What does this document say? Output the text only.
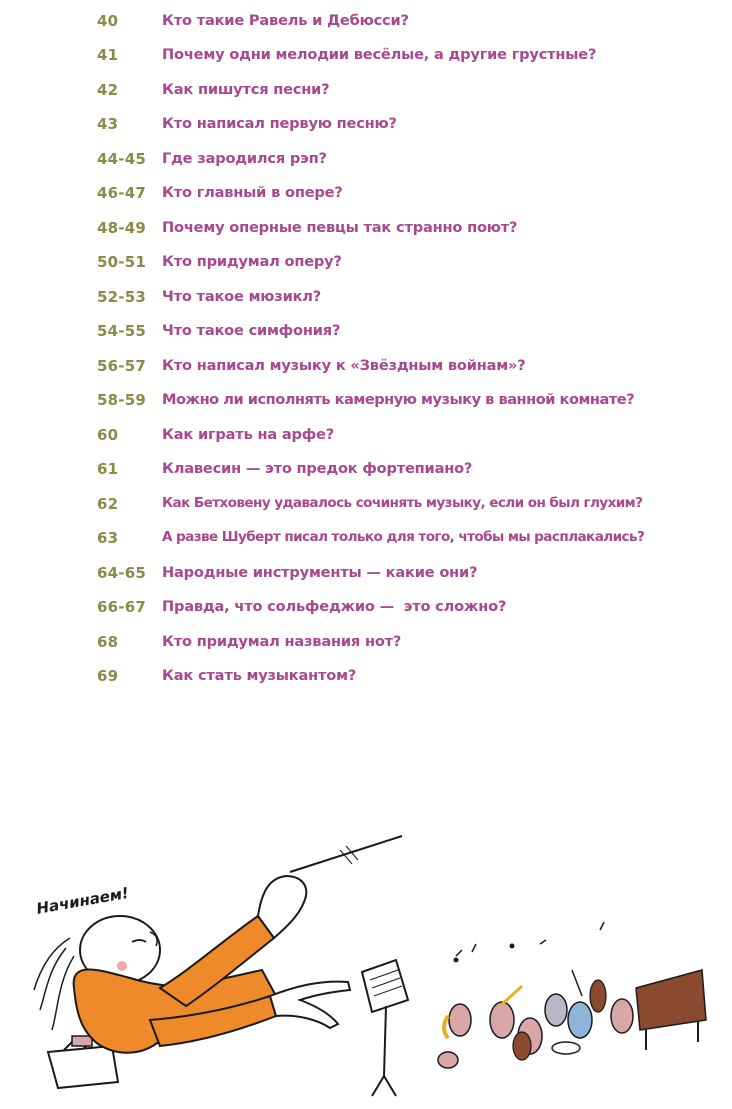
40	Кто такие Равель и Дебюсси?
41	Почему одни мелодии весёлые, а другие грустные?
42	Как пишутся песни?
43	Кто написал первую песню?
44-45 Где зародился рэп?
46-47 Кто главный в опере?
48-49 Почему оперные певцы так странно поют?
50-51 Кто придумал оперу?
52-53 Что такое мюзикл?
54-55 Что такое симфония?
56-57 Кто написал музыку к «Звёздным войнам»?
58-59 Можно ли исполнять камерную музыку в ванной комнате?
60	Как играть на арфе?
61	Клавесин — это предок фортепиано?
62	Как Бетховену удавалось сочинять музыку, если он был глухим?
63	А разве Шуберт писал только для того, чтобы мы расплакались?
64-65 Народные инструменты — какие они?
66-67 Правда, что сольфеджио —  это сложно?
68	Кто придумал названия нот?
69	Как стать музыкантом?
Начинаем!
